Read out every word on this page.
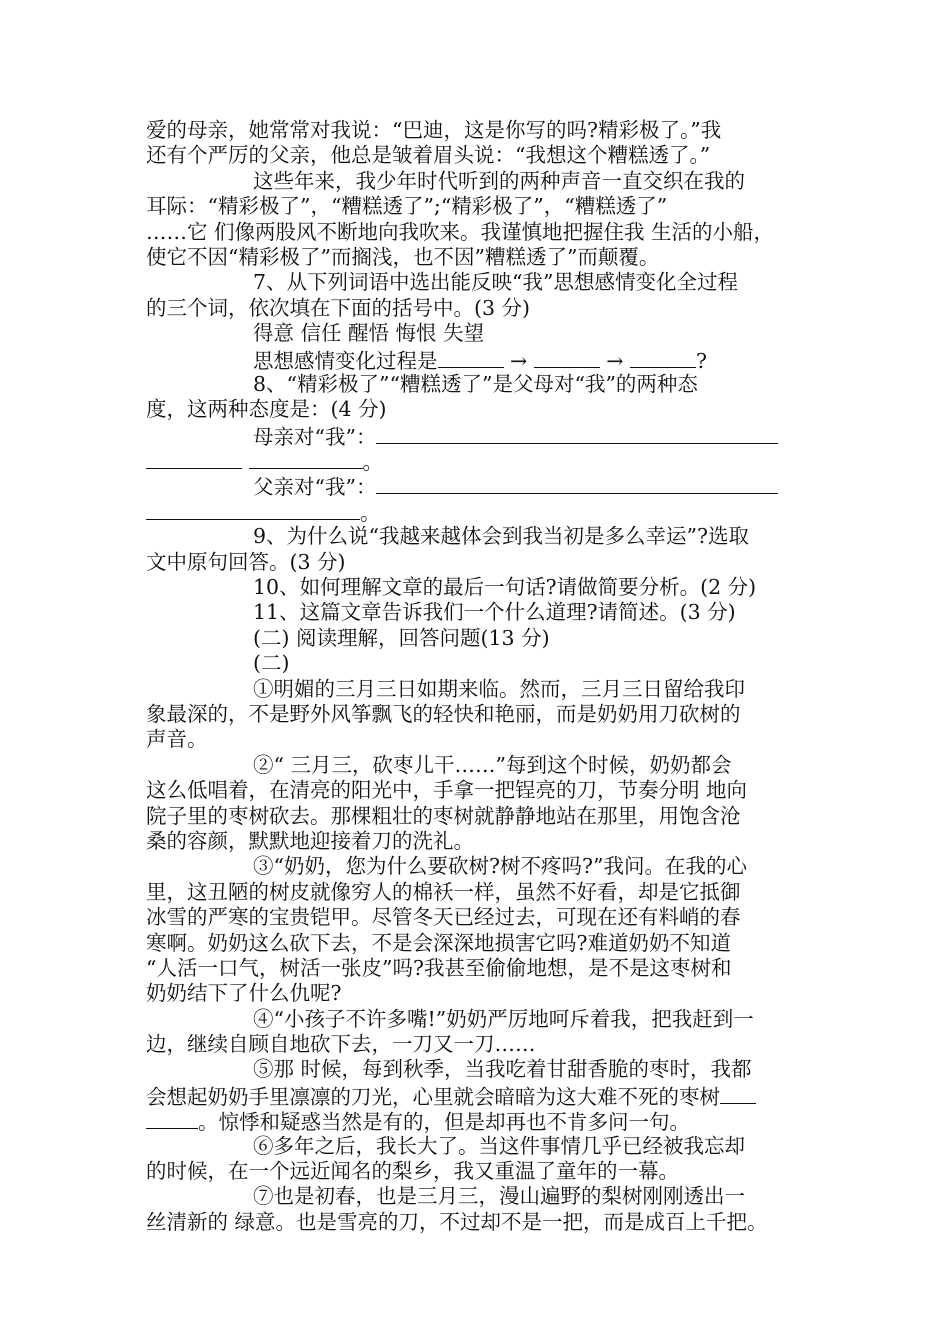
爱的母亲，她常常对我说：“巴迪，这是你写的吗?精彩极了。”我
还有个严厉的父亲，他总是皱着眉头说：“我想这个糟糕透了。”
这些年来，我少年时代听到的两种声音一直交织在我的
耳际：“精彩极了”，“糟糕透了”;“精彩极了”，“糟糕透了”
……它 们像两股风不断地向我吹来。我谨慎地把握住我 生活的小船，
使它不因“精彩极了”而搁浅，也不因”糟糕透了”而颠覆。
7、从下列词语中选出能反映“我”思想感情变化全过程
的三个词，依次填在下面的括号中。(3 分)
得意 信任 醒悟 悔恨 失望
思想感情变化过程是	→	→	?
8、“精彩极了”“糟糕透了”是父母对“我”的两种态
度，这两种态度是：(4 分)
母亲对“我”：
。
父亲对“我”：
。
9、为什么说“我越来越体会到我当初是多么幸运”?选取
文中原句回答。(3 分)
10、如何理解文章的最后一句话?请做简要分析。(2 分)
11、这篇文章告诉我们一个什么道理?请简述。(3 分)
(二) 阅读理解，回答问题(13 分)
(二)
①明媚的三月三日如期来临。然而，三月三日留给我印
象最深的，不是野外风筝飘飞的轻快和艳丽，而是奶奶用刀砍树的
声音。
②“ 三月三，砍枣儿干……”每到这个时候，奶奶都会
这么低唱着，在清亮的阳光中，手拿一把锃亮的刀，节奏分明 地向
院子里的枣树砍去。那棵粗壮的枣树就静静地站在那里，用饱含沧
桑的容颜，默默地迎接着刀的洗礼。
③“奶奶，您为什么要砍树?树不疼吗?”我问。在我的心
里，这丑陋的树皮就像穷人的棉袄一样，虽然不好看，却是它抵御
冰雪的严寒的宝贵铠甲。尽管冬天已经过去，可现在还有料峭的春
寒啊。奶奶这么砍下去，不是会深深地损害它吗?难道奶奶不知道
“人活一口气，树活一张皮”吗?我甚至偷偷地想，是不是这枣树和
奶奶结下了什么仇呢?
④“小孩子不许多嘴!”奶奶严厉地呵斥着我，把我赶到一
边，继续自顾自地砍下去，一刀又一刀……
⑤那 时候，每到秋季，当我吃着甘甜香脆的枣时，我都
会想起奶奶手里凛凛的刀光，心里就会暗暗为这大难不死的枣树
。惊悸和疑惑当然是有的，但是却再也不肯多问一句。
⑥多年之后，我长大了。当这件事情几乎已经被我忘却
的时候，在一个远近闻名的梨乡，我又重温了童年的一幕。
⑦也是初春，也是三月三，漫山遍野的梨树刚刚透出一
丝清新的 绿意。也是雪亮的刀，不过却不是一把，而是成百上千把。
